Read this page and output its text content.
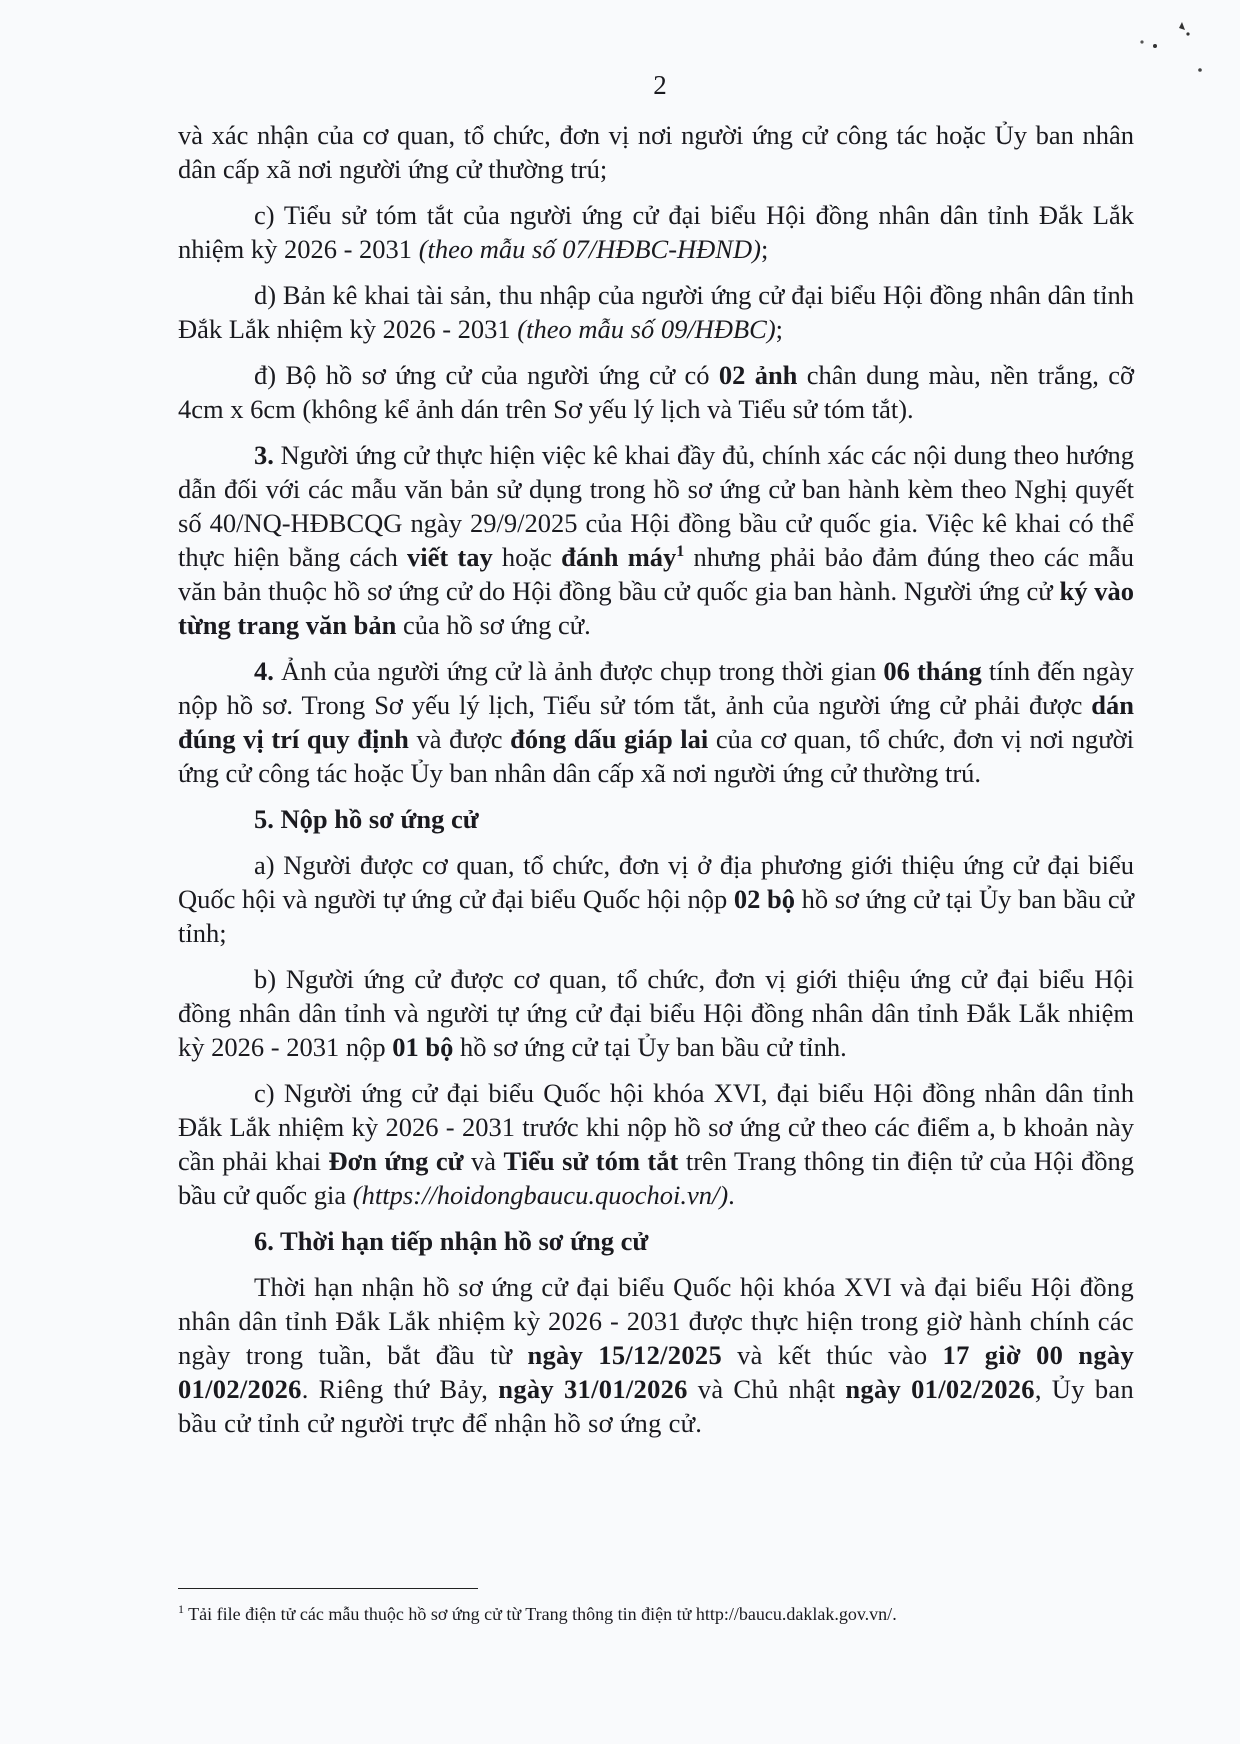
2

và xác nhận của cơ quan, tổ chức, đơn vị nơi người ứng cử công tác hoặc Ủy ban nhân dân cấp xã nơi người ứng cử thường trú;

c) Tiểu sử tóm tắt của người ứng cử đại biểu Hội đồng nhân dân tỉnh Đắk Lắk nhiệm kỳ 2026 - 2031 (theo mẫu số 07/HĐBC-HĐND);

d) Bản kê khai tài sản, thu nhập của người ứng cử đại biểu Hội đồng nhân dân tỉnh Đắk Lắk nhiệm kỳ 2026 - 2031 (theo mẫu số 09/HĐBC);

đ) Bộ hồ sơ ứng cử của người ứng cử có 02 ảnh chân dung màu, nền trắng, cỡ 4cm x 6cm (không kể ảnh dán trên Sơ yếu lý lịch và Tiểu sử tóm tắt).

3. Người ứng cử thực hiện việc kê khai đầy đủ, chính xác các nội dung theo hướng dẫn đối với các mẫu văn bản sử dụng trong hồ sơ ứng cử ban hành kèm theo Nghị quyết số 40/NQ-HĐBCQG ngày 29/9/2025 của Hội đồng bầu cử quốc gia. Việc kê khai có thể thực hiện bằng cách viết tay hoặc đánh máy$^1$ nhưng phải bảo đảm đúng theo các mẫu văn bản thuộc hồ sơ ứng cử do Hội đồng bầu cử quốc gia ban hành. Người ứng cử ký vào từng trang văn bản của hồ sơ ứng cử.

4. Ảnh của người ứng cử là ảnh được chụp trong thời gian 06 tháng tính đến ngày nộp hồ sơ. Trong Sơ yếu lý lịch, Tiểu sử tóm tắt, ảnh của người ứng cử phải được dán đúng vị trí quy định và được đóng dấu giáp lai của cơ quan, tổ chức, đơn vị nơi người ứng cử công tác hoặc Ủy ban nhân dân cấp xã nơi người ứng cử thường trú.

5. Nộp hồ sơ ứng cử

a) Người được cơ quan, tổ chức, đơn vị ở địa phương giới thiệu ứng cử đại biểu Quốc hội và người tự ứng cử đại biểu Quốc hội nộp 02 bộ hồ sơ ứng cử tại Ủy ban bầu cử tỉnh;

b) Người ứng cử được cơ quan, tổ chức, đơn vị giới thiệu ứng cử đại biểu Hội đồng nhân dân tỉnh và người tự ứng cử đại biểu Hội đồng nhân dân tỉnh Đắk Lắk nhiệm kỳ 2026 - 2031 nộp 01 bộ hồ sơ ứng cử tại Ủy ban bầu cử tỉnh.

c) Người ứng cử đại biểu Quốc hội khóa XVI, đại biểu Hội đồng nhân dân tỉnh Đắk Lắk nhiệm kỳ 2026 - 2031 trước khi nộp hồ sơ ứng cử theo các điểm a, b khoản này cần phải khai Đơn ứng cử và Tiểu sử tóm tắt trên Trang thông tin điện tử của Hội đồng bầu cử quốc gia (https://hoidongbaucu.quochoi.vn/).

6. Thời hạn tiếp nhận hồ sơ ứng cử

Thời hạn nhận hồ sơ ứng cử đại biểu Quốc hội khóa XVI và đại biểu Hội đồng nhân dân tỉnh Đắk Lắk nhiệm kỳ 2026 - 2031 được thực hiện trong giờ hành chính các ngày trong tuần, bắt đầu từ ngày 15/12/2025 và kết thúc vào 17 giờ 00 ngày 01/02/2026. Riêng thứ Bảy, ngày 31/01/2026 và Chủ nhật ngày 01/02/2026, Ủy ban bầu cử tỉnh cử người trực để nhận hồ sơ ứng cử.

$^1$ Tải file điện tử các mẫu thuộc hồ sơ ứng cử từ Trang thông tin điện tử http://baucu.daklak.gov.vn/.
